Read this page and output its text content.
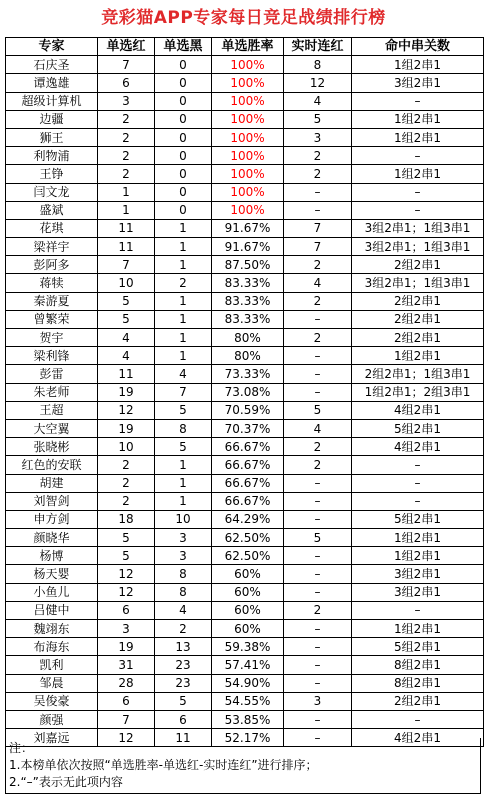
竞彩猫APP专家每日竞足战绩排行榜
专家	单选红	单选黑	单选胜率	实时连红	命中串关数
石庆圣	7	0	100%	8	1组2串1
谭逸雄	6	0	100%	12	3组2串1
超级计算机	3	0	100%	4	–
边疆	2	0	100%	5	1组2串1
狮王	2	0	100%	3	1组2串1
利物浦	2	0	100%	2	–
王铮	2	0	100%	2	1组2串1
闫文龙	1	0	100%	–	–
盛斌	1	0	100%	–	–
花琪	11	1	91.67%	7	3组2串1；1组3串1
梁祥宇	11	1	91.67%	7	3组2串1；1组3串1
彭阿多	7	1	87.50%	2	2组2串1
蒋犊	10	2	83.33%	4	3组2串1；1组3串1
秦游夏	5	1	83.33%	2	2组2串1
曾繁荣	5	1	83.33%	–	2组2串1
贺宇	4	1	80%	2	2组2串1
梁利锋	4	1	80%	–	1组2串1
彭雷	11	4	73.33%	–	2组2串1；1组3串1
朱老师	19	7	73.08%	–	1组2串1；2组3串1
王超	12	5	70.59%	5	4组2串1
大空翼	19	8	70.37%	4	5组2串1
张晓彬	10	5	66.67%	2	4组2串1
红色的安联	2	1	66.67%	2	–
胡建	2	1	66.67%	–	–
刘智剑	2	1	66.67%	–	–
申方剑	18	10	64.29%	–	5组2串1
颜晓华	5	3	62.50%	5	1组2串1
杨博	5	3	62.50%	–	1组2串1
杨天婴	12	8	60%	–	3组2串1
小鱼儿	12	8	60%	–	3组2串1
吕健中	6	4	60%	2	–
魏翊东	3	2	60%	–	1组2串1
布海东	19	13	59.38%	–	5组2串1
凯利	31	23	57.41%	–	8组2串1
邹晨	28	23	54.90%	–	8组2串1
吴俊豪	6	5	54.55%	3	2组2串1
颜强	7	6	53.85%	–	–
刘嘉远	12	11	52.17%	–	4组2串1
注：
1.本榜单依次按照“单选胜率-单选红-实时连红”进行排序；
2.“–”表示无此项内容
